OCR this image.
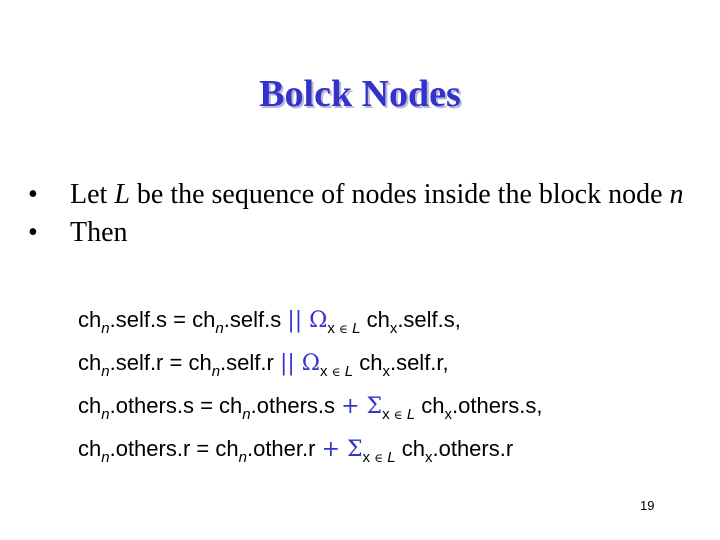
Bolck Nodes
• Let L be the sequence of nodes inside the block node n
• Then
$ch_n.self.s$ = $ch_n.self.s$ || $\Omega_{x \in L}$ $ch_x.self.s$,
$ch_n.self.r$ = $ch_n.self.r$ || $\Omega_{x \in L}$ $ch_x.self.r$,
$ch_n.others.s$ = $ch_n.others.s + \Sigma_{x \in L}$ $ch_x.others.s$,
$ch_n.others.r$ = $ch_n.other.r + \Sigma_{x \in L}$ $ch_x.others.r$
19
